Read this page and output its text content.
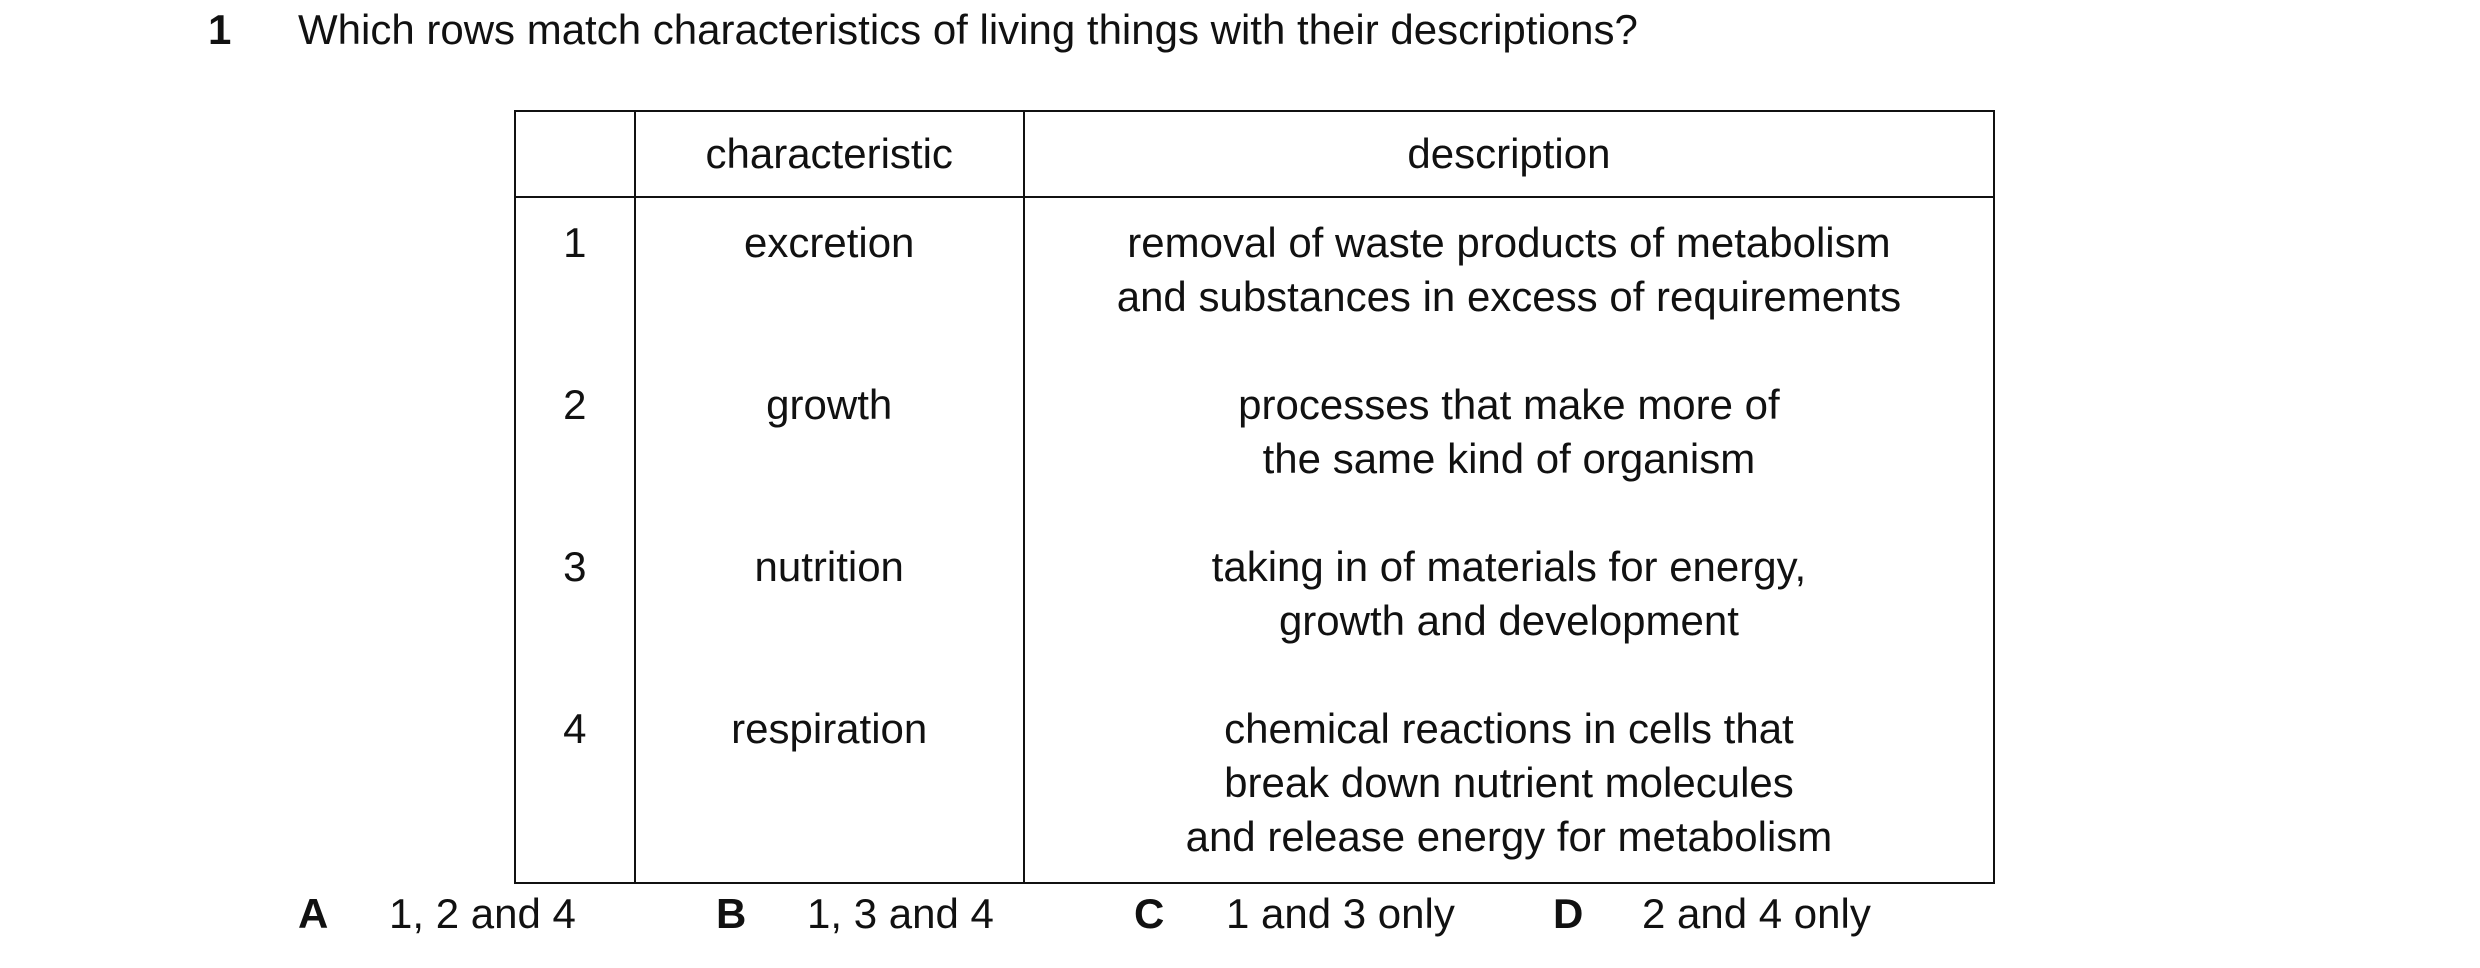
1 Which rows match characteristics of living things with their descriptions?
	characteristic	description
1	excretion	removal of waste products of metabolism
and substances in excess of requirements

2	growth	processes that make more of
the same kind of organism

3	nutrition	taking in of materials for energy,
growth and development

4	respiration	chemical reactions in cells that
break down nutrient molecules
and release energy for metabolism
A 1, 2 and 4	B 1, 3 and 4	C 1 and 3 only D 2 and 4 only
